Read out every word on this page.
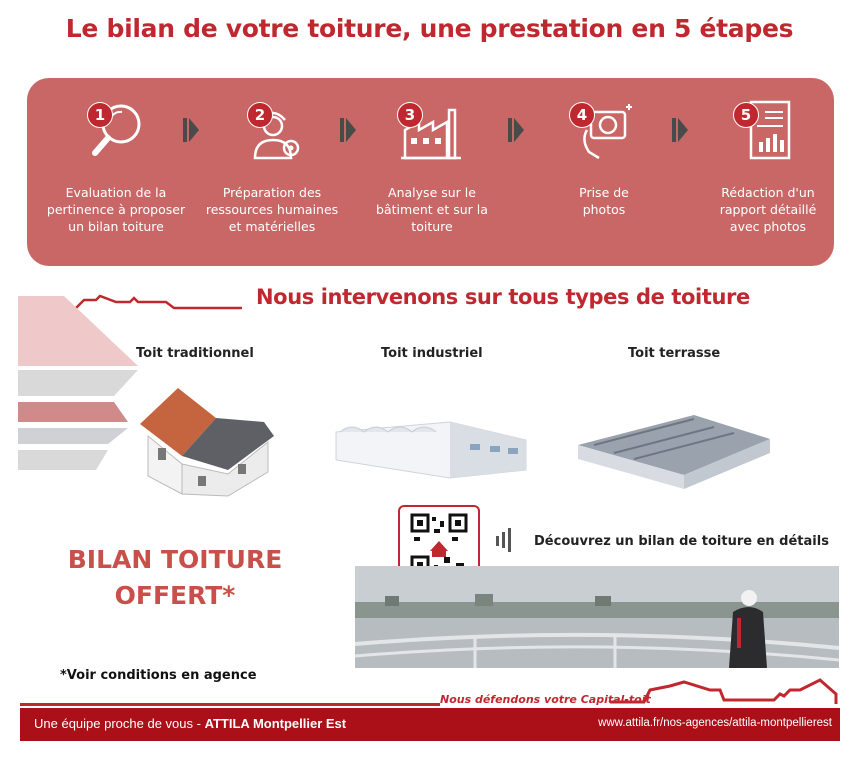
Le bilan de votre toiture, une prestation en 5 étapes
1
Evaluation de la
pertinence à proposer
un bilan toiture
2
Préparation des
ressources humaines
et matérielles
3
Analyse sur le
bâtiment et sur la
toiture
4
Prise de
photos
5
Rédaction d'un
rapport détaillé
avec photos
Nous intervenons sur tous types de toiture
Toit traditionnel	Toit industriel	Toit terrasse
BILAN TOITURE
OFFERT*
*Voir conditions en agence
Découvrez un bilan de toiture en détails
Nous défendons votre Capital-toit
Une équipe proche de vous - ATTILA Montpellier Est	www.attila.fr/nos-agences/attila-montpellierest
